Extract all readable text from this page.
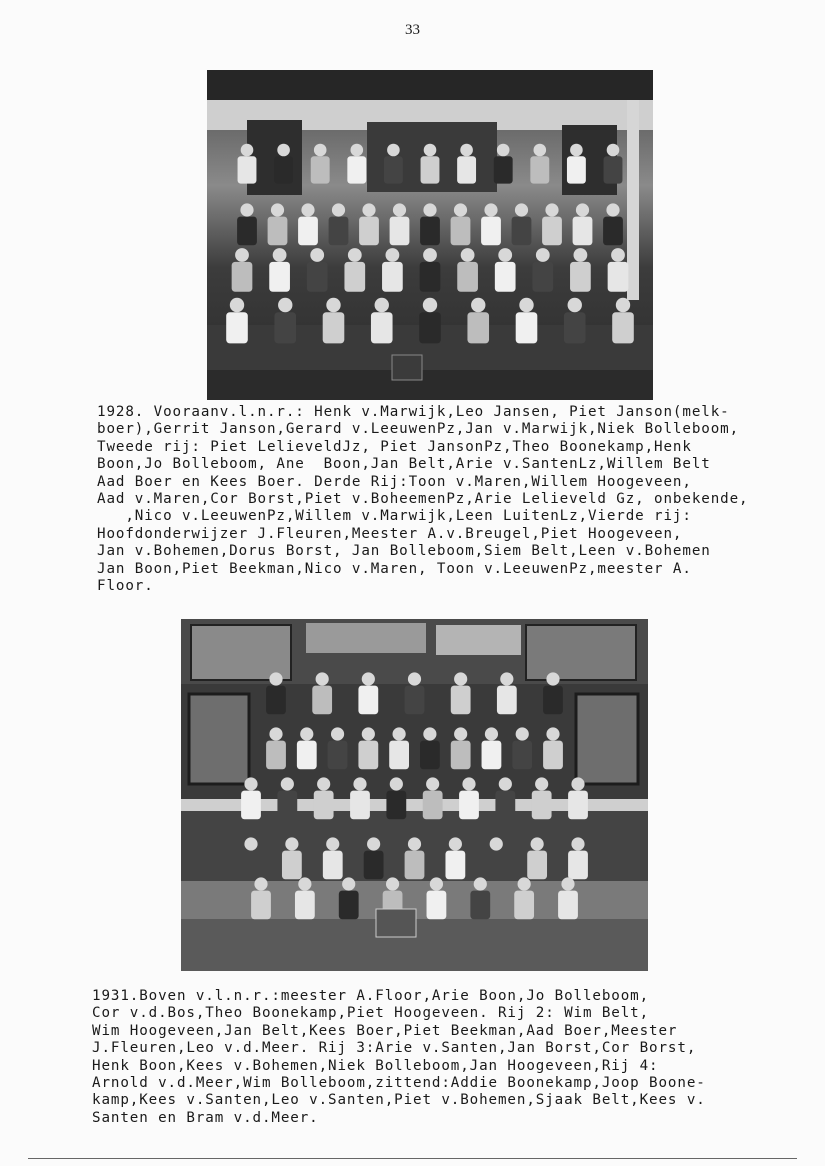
33
1928. Vooraanv.l.n.r.: Henk v.Marwijk,Leo Jansen, Piet Janson(melk-
boer),Gerrit Janson,Gerard v.LeeuwenPz,Jan v.Marwijk,Niek Bolleboom,
Tweede rij: Piet LelieveldJz, Piet JansonPz,Theo Boonekamp,Henk
Boon,Jo Bolleboom, Ane  Boon,Jan Belt,Arie v.SantenLz,Willem Belt
Aad Boer en Kees Boer. Derde Rij:Toon v.Maren,Willem Hoogeveen,
Aad v.Maren,Cor Borst,Piet v.BoheemenPz,Arie Lelieveld Gz, onbekende,
,Nico v.LeeuwenPz,Willem v.Marwijk,Leen LuitenLz,Vierde rij:
Hoofdonderwijzer J.Fleuren,Meester A.v.Breugel,Piet Hoogeveen,
Jan v.Bohemen,Dorus Borst, Jan Bolleboom,Siem Belt,Leen v.Bohemen
Jan Boon,Piet Beekman,Nico v.Maren, Toon v.LeeuwenPz,meester A.
Floor.
1931.Boven v.l.n.r.:meester A.Floor,Arie Boon,Jo Bolleboom,
Cor v.d.Bos,Theo Boonekamp,Piet Hoogeveen. Rij 2: Wim Belt,
Wim Hoogeveen,Jan Belt,Kees Boer,Piet Beekman,Aad Boer,Meester
J.Fleuren,Leo v.d.Meer. Rij 3:Arie v.Santen,Jan Borst,Cor Borst,
Henk Boon,Kees v.Bohemen,Niek Bolleboom,Jan Hoogeveen,Rij 4:
Arnold v.d.Meer,Wim Bolleboom,zittend:Addie Boonekamp,Joop Boone-
kamp,Kees v.Santen,Leo v.Santen,Piet v.Bohemen,Sjaak Belt,Kees v.
Santen en Bram v.d.Meer.
